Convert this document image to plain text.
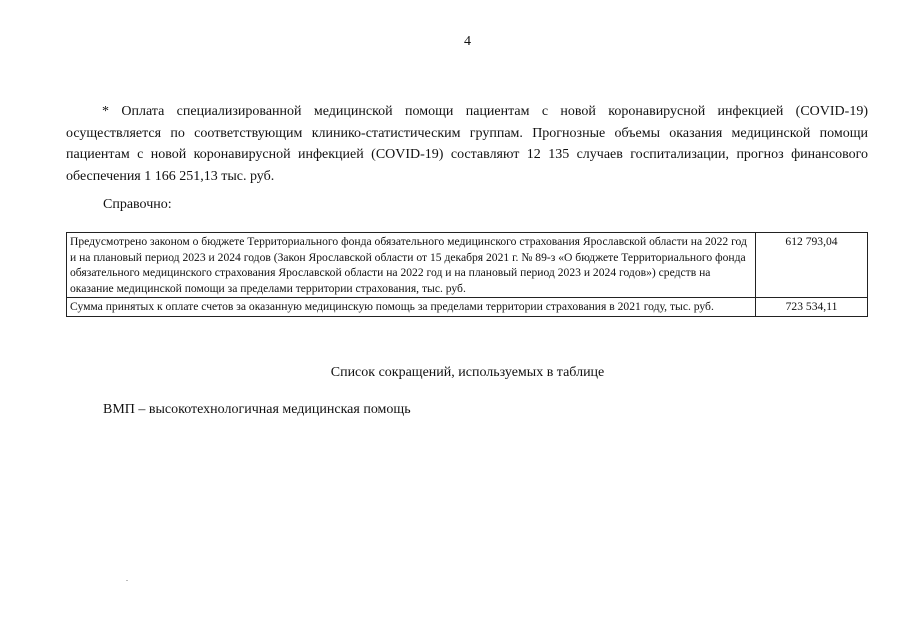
4

* Оплата специализированной медицинской помощи пациентам с новой коронавирусной инфекцией (COVID-19) осуществляется по соответствующим клинико-статистическим группам. Прогнозные объемы оказания медицинской помощи пациентам с новой коронавирусной инфекцией (COVID-19) составляют 12 135 случаев госпитализации, прогноз финансового обеспечения 1 166 251,13 тыс. руб.

Справочно:
Предусмотрено законом о бюджете Территориального фонда обязательного медицинского страхования Ярославской области на 2022 год и на плановый период 2023 и 2024 годов (Закон Ярославской области от 15 декабря 2021 г. № 89-з «О бюджете Территориального фонда обязательного медицинского страхования Ярославской области на 2022 год и на плановый период 2023 и 2024 годов») средств на оказание медицинской помощи за пределами территории страхования, тыс. руб.	612 793,04
Сумма принятых к оплате счетов за оказанную медицинскую помощь за пределами территории страхования в 2021 году, тыс. руб.	723 534,11
Список сокращений, используемых в таблице
ВМП – высокотехнологичная медицинская помощь
